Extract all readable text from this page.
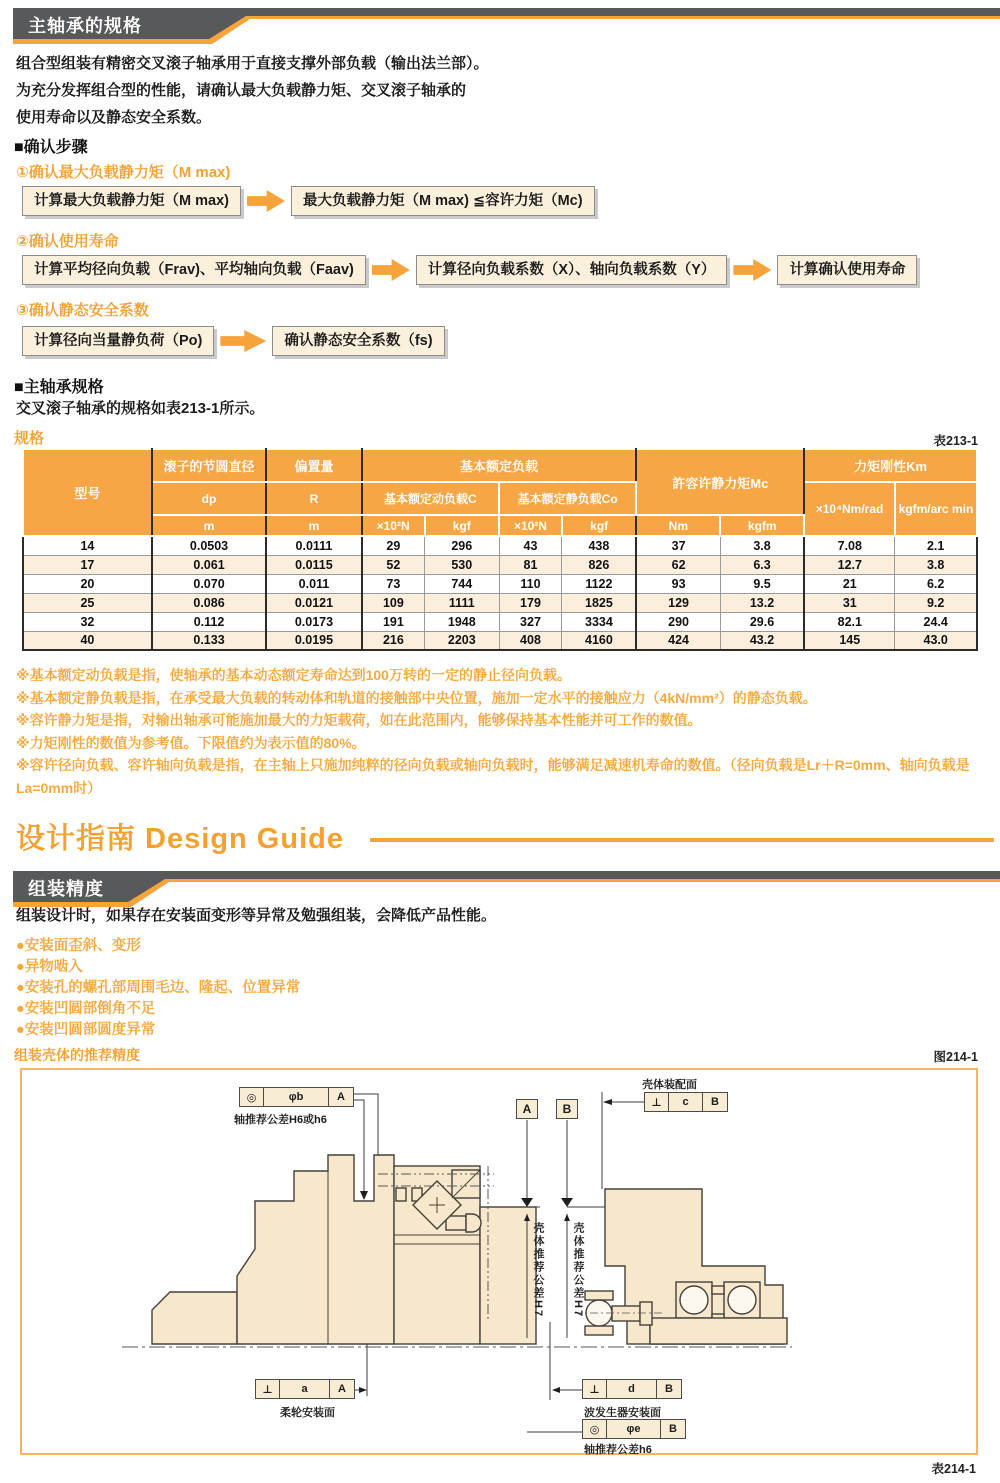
主轴承的规格
组合型组装有精密交叉滚子轴承用于直接支撑外部负载（输出法兰部）。
为充分发挥组合型的性能，请确认最大负载静力矩、交叉滚子轴承的
使用寿命以及静态安全系数。
■确认步骤
①确认最大负载静力矩（M max)
计算最大负载静力矩（M max)	最大负载静力矩（M max) ≦容许力矩（Mc)
②确认使用寿命
计算平均径向负载（Frav)、平均轴向负载（Faav)	计算径向负载系数（X）、轴向负载系数（Y）	计算确认使用寿命
③确认静态安全系数
计算径向当量静负荷（Po)	确认静态安全系数（fs)
■主轴承规格
交叉滚子轴承的规格如表213-1所示。
规格	表213-1
型号	滚子的节圆直径	偏置量	基本额定负载				許容许静力矩Mc		力矩刚性Km	
	dp	R	基本额定动负载C		基本额定静负载Co				×10⁴Nm/rad	kgfm/arc min
	m	m	×10²N	kgf	×10²N	kgf	Nm	kgfm		
14	0.0503	0.0111	29	296	43	438	37	3.8	7.08	2.1
17	0.061	0.0115	52	530	81	826	62	6.3	12.7	3.8
20	0.070	0.011	73	744	110	1122	93	9.5	21	6.2
25	0.086	0.0121	109	1111	179	1825	129	13.2	31	9.2
32	0.112	0.0173	191	1948	327	3334	290	29.6	82.1	24.4
40	0.133	0.0195	216	2203	408	4160	424	43.2	145	43.0
※基本额定动负载是指，使轴承的基本动态额定寿命达到100万转的一定的静止径向负载。
※基本额定静负载是指，在承受最大负载的转动体和轨道的接触部中央位置，施加一定水平的接触应力（4kN/mm²）的静态负载。
※容许静力矩是指，对输出轴承可能施加最大的力矩载荷，如在此范围内，能够保持基本性能并可工作的数值。
※力矩刚性的数值为参考值。下限值约为表示值的80%。
※容许径向负载、容许轴向负载是指，在主轴上只施加纯粹的径向负载或轴向负载时，能够满足减速机寿命的数值。（径向负载是Lr＋R=0mm、轴向负载是La=0mm时）
设计指南 Design Guide
组装精度
组装设计时，如果存在安装面变形等异常及勉强组装，会降低产品性能。
●安装面歪斜、变形
●异物啮入
●安装孔的螺孔部周围毛边、隆起、位置异常
●安装凹圆部倒角不足
●安装凹圆部圆度异常
组装壳体的推荐精度	图214-1
◎	φb	A
轴推荐公差H6或h6
A	B
壳体推荐公差H7	壳体推荐公差H7
壳体装配面
⊥	c	B
⊥	a	A
柔轮安装面
⊥	d	B
波发生器安装面
◎	φe	B
轴推荐公差h6
表214-1
